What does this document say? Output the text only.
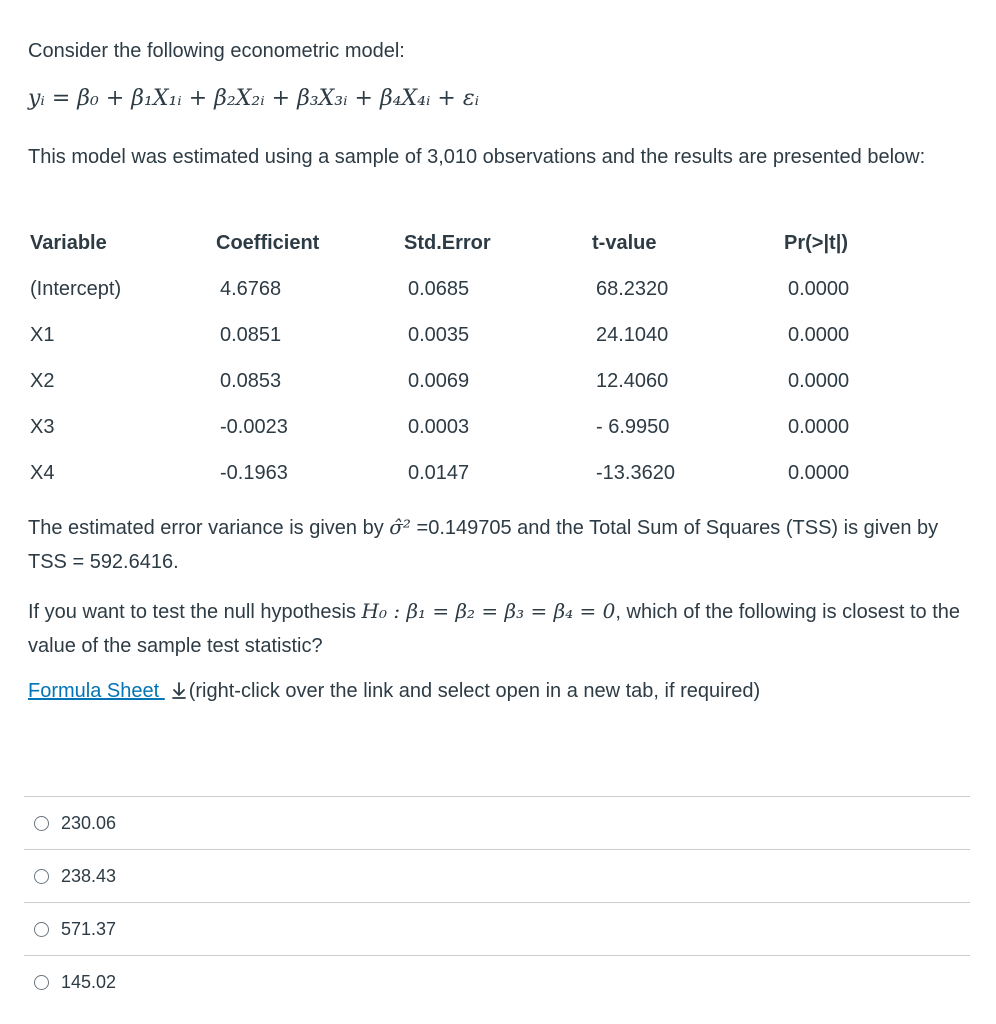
Consider the following econometric model:
yᵢ = β₀ + β₁X₁ᵢ + β₂X₂ᵢ + β₃X₃ᵢ + β₄X₄ᵢ + εᵢ
This model was estimated using a sample of 3,010 observations and the results are presented below:
Variable	Coefficient	Std.Error	t-value	Pr(>|t|)
(Intercept)	4.6768	0.0685	68.2320	0.0000
X1	0.0851	0.0035	24.1040	0.0000
X2	0.0853	0.0069	12.4060	0.0000
X3	-0.0023	0.0003	- 6.9950	0.0000
X4	-0.1963	0.0147	-13.3620	0.0000
The estimated error variance is given by σ̂² =0.149705 and the Total Sum of Squares (TSS) is given by TSS = 592.6416.
If you want to test the null hypothesis H₀ : β₁ = β₂ = β₃ = β₄ = 0, which of the following is closest to the value of the sample test statistic?
Formula Sheet (right-click over the link and select open in a new tab, if required)
230.06
238.43
571.37
145.02
